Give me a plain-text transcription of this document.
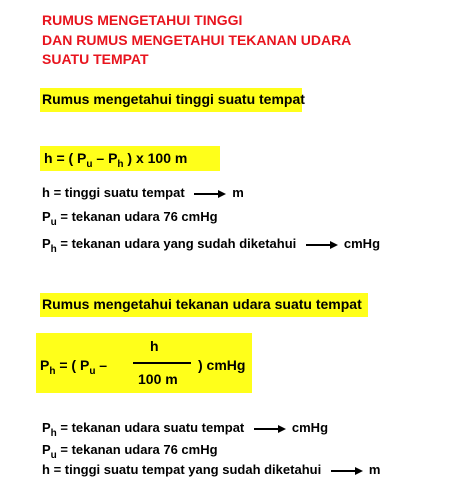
RUMUS MENGETAHUI TINGGI
DAN RUMUS MENGETAHUI TEKANAN UDARA
SUATU TEMPAT
Rumus mengetahui tinggi suatu tempat
h = ( $P_u - P_h$ ) x 100 m
h = tinggi suatu tempat	m
$P_u$ = tekanan udara 76 cmHg
$P_h$ = tekanan udara yang sudah diketahui	cmHg
Rumus mengetahui tekanan udara suatu tempat
$P_h$ = ( $P_u$ –
h
100 m
) cmHg
$P_h$ = tekanan udara suatu tempat	cmHg
$P_u$ = tekanan udara 76 cmHg
h = tinggi suatu tempat yang sudah diketahui	m
